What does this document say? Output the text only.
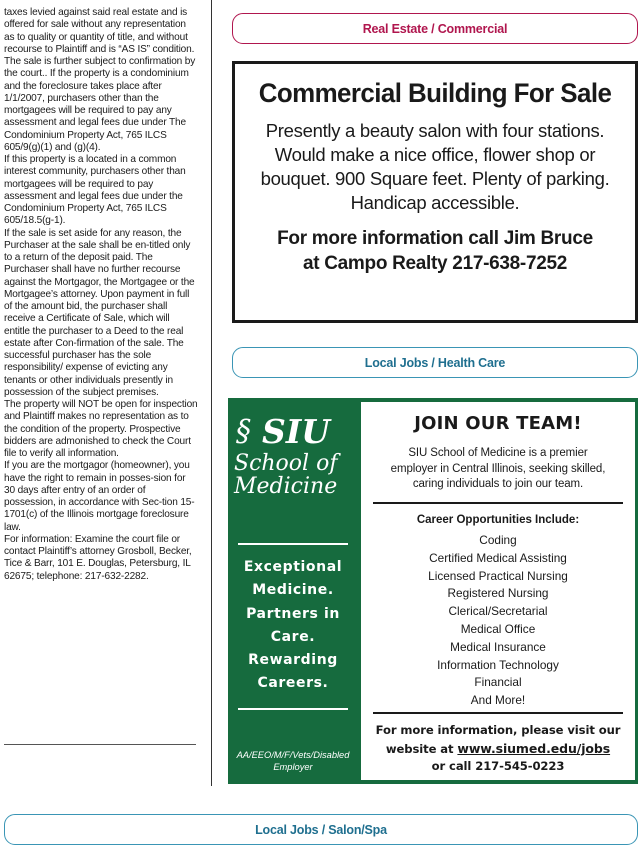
taxes levied against said real estate and is offered for sale without any representation as to quality or quantity of title, and without recourse to Plaintiff and is “AS IS” condition. The sale is further subject to confirmation by the court.. If the property is a condominium and the foreclosure takes place after 1/1/2007, purchasers other than the mortgagees will be required to pay any assessment and legal fees due under The Condominium Property Act, 765 ILCS 605/9(g)(1) and (g)(4).

If this property is a located in a common interest community, purchasers other than mortgagees will be required to pay assessment and legal fees due under the

Condominium Property Act, 765 ILCS 605/18.5(g-1).

If the sale is set aside for any reason, the Purchaser at the sale shall be en-titled only to a return of the deposit paid. The Purchaser shall have no further recourse against the Mortgagor, the Mortgagee or the Mortgagee’s attorney. Upon payment in full of the amount bid, the purchaser shall receive a Certificate of Sale, which will entitle the purchaser to a Deed to the real estate after Con-firmation of the sale. The successful purchaser has the sole responsibility/ expense of evicting any tenants or other individuals presently in possession of the subject premises.

The property will NOT be open for inspection and Plaintiff makes no representation as to the condition of the property. Prospective bidders are admonished to check the Court file to verify all information.

If you are the mortgagor (homeowner), you have the right to remain in posses-sion for 30 days after entry of an order of possession, in accordance with Sec-tion 15-1701(c) of the Illinois mortgage foreclosure law.

For information: Examine the court file or contact Plaintiff’s attorney Grosboll, Becker, Tice & Barr, 101 E. Douglas, Petersburg, IL 62675; telephone: 217-632-2282.

Real Estate / Commercial
Commercial Building For Sale
Presently a beauty salon with four stations.
Would make a nice office, flower shop or
bouquet. 900 Square feet. Plenty of parking.
Handicap accessible.
For more information call Jim Bruce
at Campo Realty 217-638-7252
Local Jobs / Health Care
§ SIU
School of
Medicine
Exceptional
Medicine.
Partners in
Care.
Rewarding
Careers.
AA/EEO/M/F/Vets/Disabled
Employer
JOIN OUR TEAM!
SIU School of Medicine is a premier
employer in Central Illinois, seeking skilled,
caring individuals to join our team.
Career Opportunities Include:
Coding
Certified Medical Assisting
Licensed Practical Nursing
Registered Nursing
Clerical/Secretarial
Medical Office
Medical Insurance
Information Technology
Financial
And More!
For more information, please visit our
website at www.siumed.edu/jobs
or call 217-545-0223
Local Jobs / Salon/Spa
